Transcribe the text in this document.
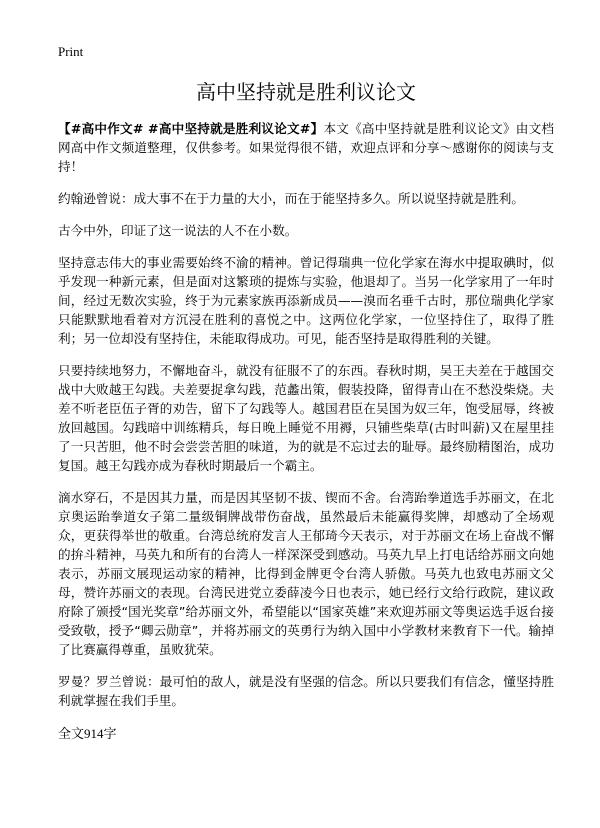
Print
高中坚持就是胜利议论文

【#高中作文# #高中坚持就是胜利议论文#】本文《高中坚持就是胜利议论文》由文档网高中作文频道整理，仅供参考。如果觉得很不错，欢迎点评和分享～感谢你的阅读与支持！

约翰逊曾说：成大事不在于力量的大小，而在于能坚持多久。所以说坚持就是胜利。

古今中外，印证了这一说法的人不在小数。

坚持意志伟大的事业需要始终不渝的精神。曾记得瑞典一位化学家在海水中提取碘时，似乎发现一种新元素，但是面对这繁琐的提炼与实验，他退却了。当另一化学家用了一年时间，经过无数次实验，终于为元素家族再添新成员——溴而名垂千古时，那位瑞典化学家只能默默地看着对方沉浸在胜利的喜悦之中。这两位化学家，一位坚持住了，取得了胜利；另一位却没有坚持住，未能取得成功。可见，能否坚持是取得胜利的关键。

只要持续地努力，不懈地奋斗，就没有征服不了的东西。春秋时期，吴王夫差在于越国交战中大败越王勾践。夫差要捉拿勾践，范蠡出策，假装投降，留得青山在不愁没柴烧。夫差不听老臣伍子胥的劝告，留下了勾践等人。越国君臣在吴国为奴三年，饱受屈辱，终被放回越国。勾践暗中训练精兵，每日晚上睡觉不用褥，只铺些柴草(古时叫薪)又在屋里挂了一只苦胆，他不时会尝尝苦胆的味道，为的就是不忘过去的耻辱。最终励精图治，成功复国。越王勾践亦成为春秋时期最后一个霸主。

滴水穿石，不是因其力量，而是因其坚韧不拔、锲而不舍。台湾跆拳道选手苏丽文，在北京奥运跆拳道女子第二量级铜牌战带伤奋战，虽然最后未能赢得奖牌，却感动了全场观众，更获得举世的敬重。台湾总统府发言人王郁琦今天表示，对于苏丽文在场上奋战不懈的拚斗精神，马英九和所有的台湾人一样深深受到感动。马英九早上打电话给苏丽文向她表示，苏丽文展现运动家的精神，比得到金牌更令台湾人骄傲。马英九也致电苏丽文父母，赞许苏丽文的表现。台湾民进党立委薛凌今日也表示，她已经行文给行政院，建议政府除了颁授“国光奖章”给苏丽文外，希望能以“国家英雄”来欢迎苏丽文等奥运选手返台接受致敬，授予“卿云勋章”，并将苏丽文的英勇行为纳入国中小学教材来教育下一代。输掉了比赛赢得尊重，虽败犹荣。

罗曼？罗兰曾说：最可怕的敌人，就是没有坚强的信念。所以只要我们有信念，懂坚持胜利就掌握在我们手里。

全文914字
